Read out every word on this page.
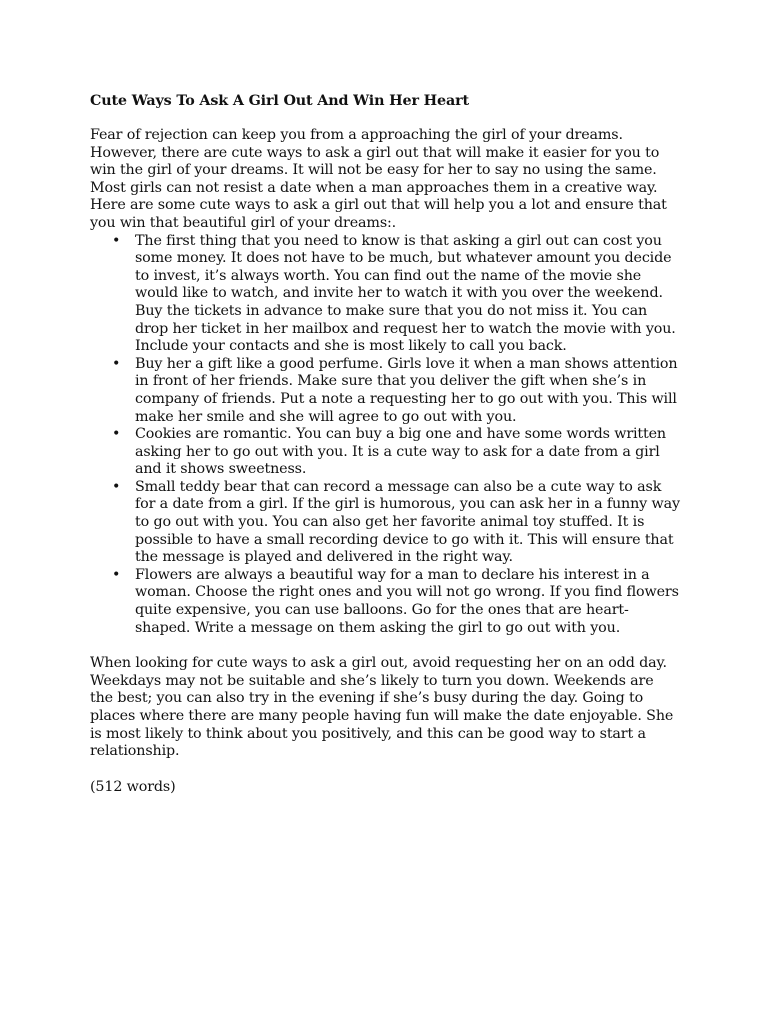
Cute Ways To Ask A Girl Out And Win Her Heart

Fear of rejection can keep you from a approaching the girl of your dreams. However, there are cute ways to ask a girl out that will make it easier for you to win the girl of your dreams. It will not be easy for her to say no using the same. Most girls can not resist a date when a man approaches them in a creative way. Here are some cute ways to ask a girl out that will help you a lot and ensure that you win that beautiful girl of your dreams:.

• The first thing that you need to know is that asking a girl out can cost you some money. It does not have to be much, but whatever amount you decide to invest, it’s always worth. You can find out the name of the movie she would like to watch, and invite her to watch it with you over the weekend. Buy the tickets in advance to make sure that you do not miss it. You can drop her ticket in her mailbox and request her to watch the movie with you. Include your contacts and she is most likely to call you back.
• Buy her a gift like a good perfume. Girls love it when a man shows attention in front of her friends. Make sure that you deliver the gift when she’s in company of friends. Put a note a requesting her to go out with you. This will make her smile and she will agree to go out with you.
• Cookies are romantic. You can buy a big one and have some words written asking her to go out with you. It is a cute way to ask for a date from a girl and it shows sweetness.
• Small teddy bear that can record a message can also be a cute way to ask for a date from a girl. If the girl is humorous, you can ask her in a funny way to go out with you. You can also get her favorite animal toy stuffed. It is possible to have a small recording device to go with it. This will ensure that the message is played and delivered in the right way.
• Flowers are always a beautiful way for a man to declare his interest in a woman. Choose the right ones and you will not go wrong. If you find flowers quite expensive, you can use balloons. Go for the ones that are heart-shaped. Write a message on them asking the girl to go out with you.

When looking for cute ways to ask a girl out, avoid requesting her on an odd day. Weekdays may not be suitable and she’s likely to turn you down. Weekends are the best; you can also try in the evening if she’s busy during the day. Going to places where there are many people having fun will make the date enjoyable. She is most likely to think about you positively, and this can be good way to start a relationship.

(512 words)
